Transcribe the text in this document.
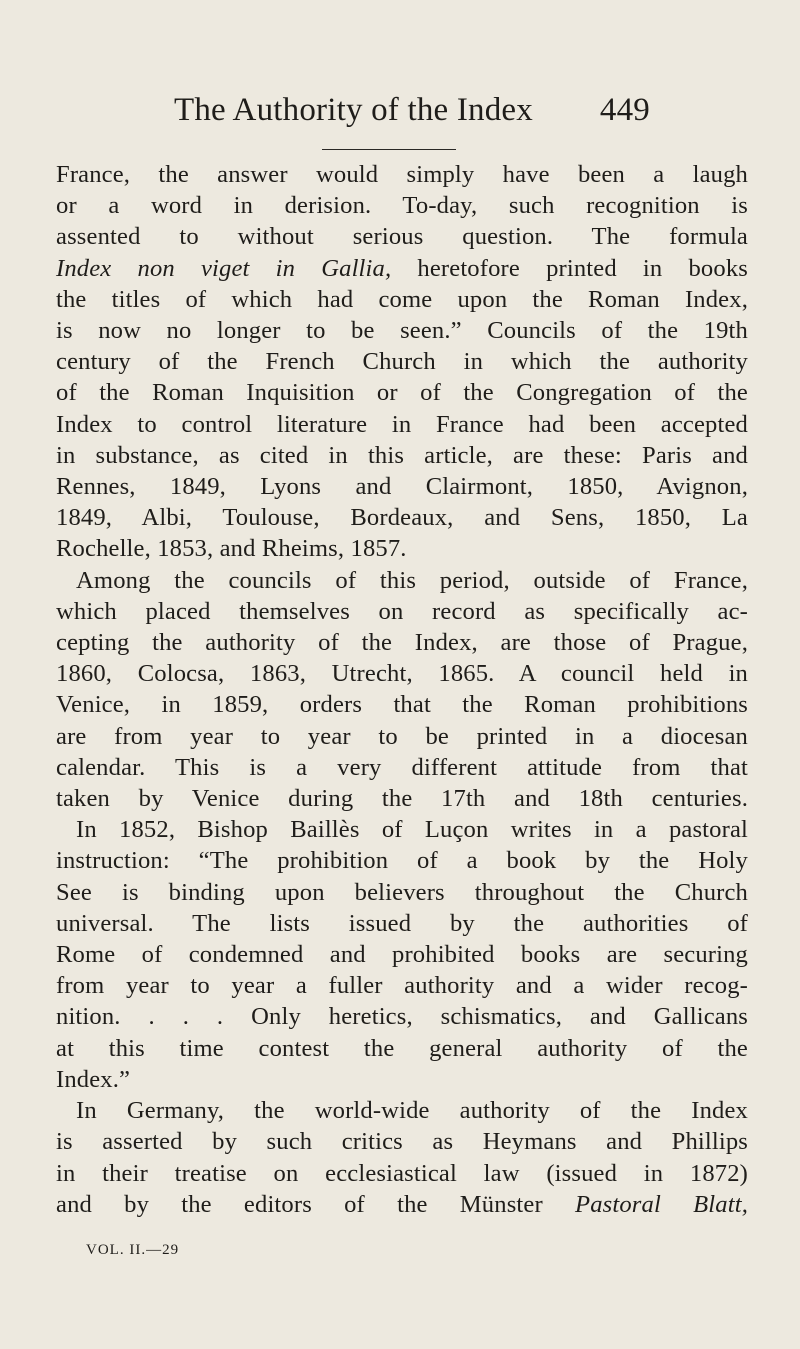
The Authority of the Index 449
France, the answer would simply have been a laugh
or a word in derision. To-day, such recognition is
assented to without serious question. The formula
Index non viget in Gallia, heretofore printed in books
the titles of which had come upon the Roman Index,
is now no longer to be seen.” Councils of the 19th
century of the French Church in which the authority
of the Roman Inquisition or of the Congregation of the
Index to control literature in France had been accepted
in substance, as cited in this article, are these: Paris and
Rennes, 1849, Lyons and Clairmont, 1850, Avignon,
1849, Albi, Toulouse, Bordeaux, and Sens, 1850, La
Rochelle, 1853, and Rheims, 1857.
Among the councils of this period, outside of France,
which placed themselves on record as specifically ac-
cepting the authority of the Index, are those of Prague,
1860, Colocsa, 1863, Utrecht, 1865. A council held in
Venice, in 1859, orders that the Roman prohibitions
are from year to year to be printed in a diocesan
calendar. This is a very different attitude from that
taken by Venice during the 17th and 18th centuries.
In 1852, Bishop Baillès of Luçon writes in a pastoral
instruction: “The prohibition of a book by the Holy
See is binding upon believers throughout the Church
universal. The lists issued by the authorities of
Rome of condemned and prohibited books are securing
from year to year a fuller authority and a wider recog-
nition. . . . Only heretics, schismatics, and Gallicans
at this time contest the general authority of the
Index.”
In Germany, the world-wide authority of the Index
is asserted by such critics as Heymans and Phillips
in their treatise on ecclesiastical law (issued in 1872)
and by the editors of the Münster Pastoral Blatt,
VOL. II.—29
